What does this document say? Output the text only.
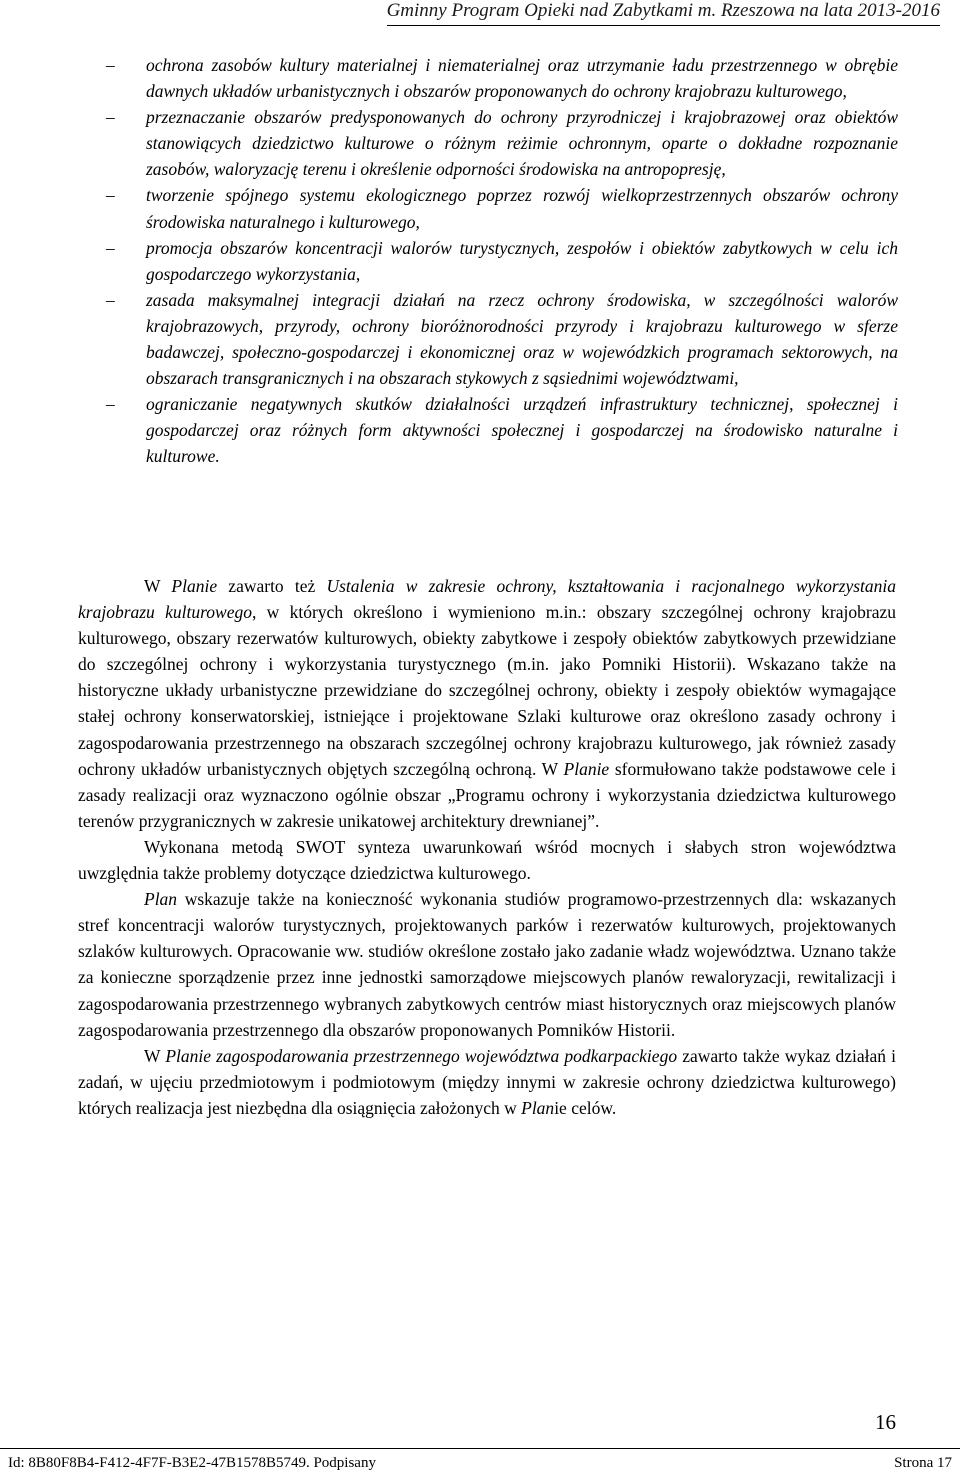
Gminny Program Opieki nad Zabytkami m. Rzeszowa na lata 2013-2016
– ochrona zasobów kultury materialnej i niematerialnej oraz utrzymanie ładu przestrzennego w obrębie dawnych układów urbanistycznych i obszarów proponowanych do ochrony krajobrazu kulturowego,
– przeznaczanie obszarów predysponowanych do ochrony przyrodniczej i krajobrazowej oraz obiektów stanowiących dziedzictwo kulturowe o różnym reżimie ochronnym, oparte o dokładne rozpoznanie zasobów, waloryzację terenu i określenie odporności środowiska na antropopresję,
– tworzenie spójnego systemu ekologicznego poprzez rozwój wielkoprzestrzennych obszarów ochrony środowiska naturalnego i kulturowego,
– promocja obszarów koncentracji walorów turystycznych, zespołów i obiektów zabytkowych w celu ich gospodarczego wykorzystania,
– zasada maksymalnej integracji działań na rzecz ochrony środowiska, w szczególności walorów krajobrazowych, przyrody, ochrony bioróżnorodności przyrody i krajobrazu kulturowego w sferze badawczej, społeczno-gospodarczej i ekonomicznej oraz w wojewódzkich programach sektorowych, na obszarach transgranicznych i na obszarach stykowych z sąsiednimi województwami,
– ograniczanie negatywnych skutków działalności urządzeń infrastruktury technicznej, społecznej i gospodarczej oraz różnych form aktywności społecznej i gospodarczej na środowisko naturalne i kulturowe.

W Planie zawarto też Ustalenia w zakresie ochrony, kształtowania i racjonalnego wykorzystania krajobrazu kulturowego, w których określono i wymieniono m.in.: obszary szczególnej ochrony krajobrazu kulturowego, obszary rezerwatów kulturowych, obiekty zabytkowe i zespoły obiektów zabytkowych przewidziane do szczególnej ochrony i wykorzystania turystycznego (m.in. jako Pomniki Historii). Wskazano także na historyczne układy urbanistyczne przewidziane do szczególnej ochrony, obiekty i zespoły obiektów wymagające stałej ochrony konserwatorskiej, istniejące i projektowane Szlaki kulturowe oraz określono zasady ochrony i zagospodarowania przestrzennego na obszarach szczególnej ochrony krajobrazu kulturowego, jak również zasady ochrony układów urbanistycznych objętych szczególną ochroną. W Planie sformułowano także podstawowe cele i zasady realizacji oraz wyznaczono ogólnie obszar „Programu ochrony i wykorzystania dziedzictwa kulturowego terenów przygranicznych w zakresie unikatowej architektury drewnianej”.

Wykonana metodą SWOT synteza uwarunkowań wśród mocnych i słabych stron województwa uwzględnia także problemy dotyczące dziedzictwa kulturowego.

Plan wskazuje także na konieczność wykonania studiów programowo-przestrzennych dla: wskazanych stref koncentracji walorów turystycznych, projektowanych parków i rezerwatów kulturowych, projektowanych szlaków kulturowych. Opracowanie ww. studiów określone zostało jako zadanie władz województwa. Uznano także za konieczne sporządzenie przez inne jednostki samorządowe miejscowych planów rewaloryzacji, rewitalizacji i zagospodarowania przestrzennego wybranych zabytkowych centrów miast historycznych oraz miejscowych planów zagospodarowania przestrzennego dla obszarów proponowanych Pomników Historii.

W Planie zagospodarowania przestrzennego województwa podkarpackiego zawarto także wykaz działań i zadań, w ujęciu przedmiotowym i podmiotowym (między innymi w zakresie ochrony dziedzictwa kulturowego) których realizacja jest niezbędna dla osiągnięcia założonych w Planie celów.

16
Id: 8B80F8B4-F412-4F7F-B3E2-47B1578B5749. Podpisany	Strona 17
